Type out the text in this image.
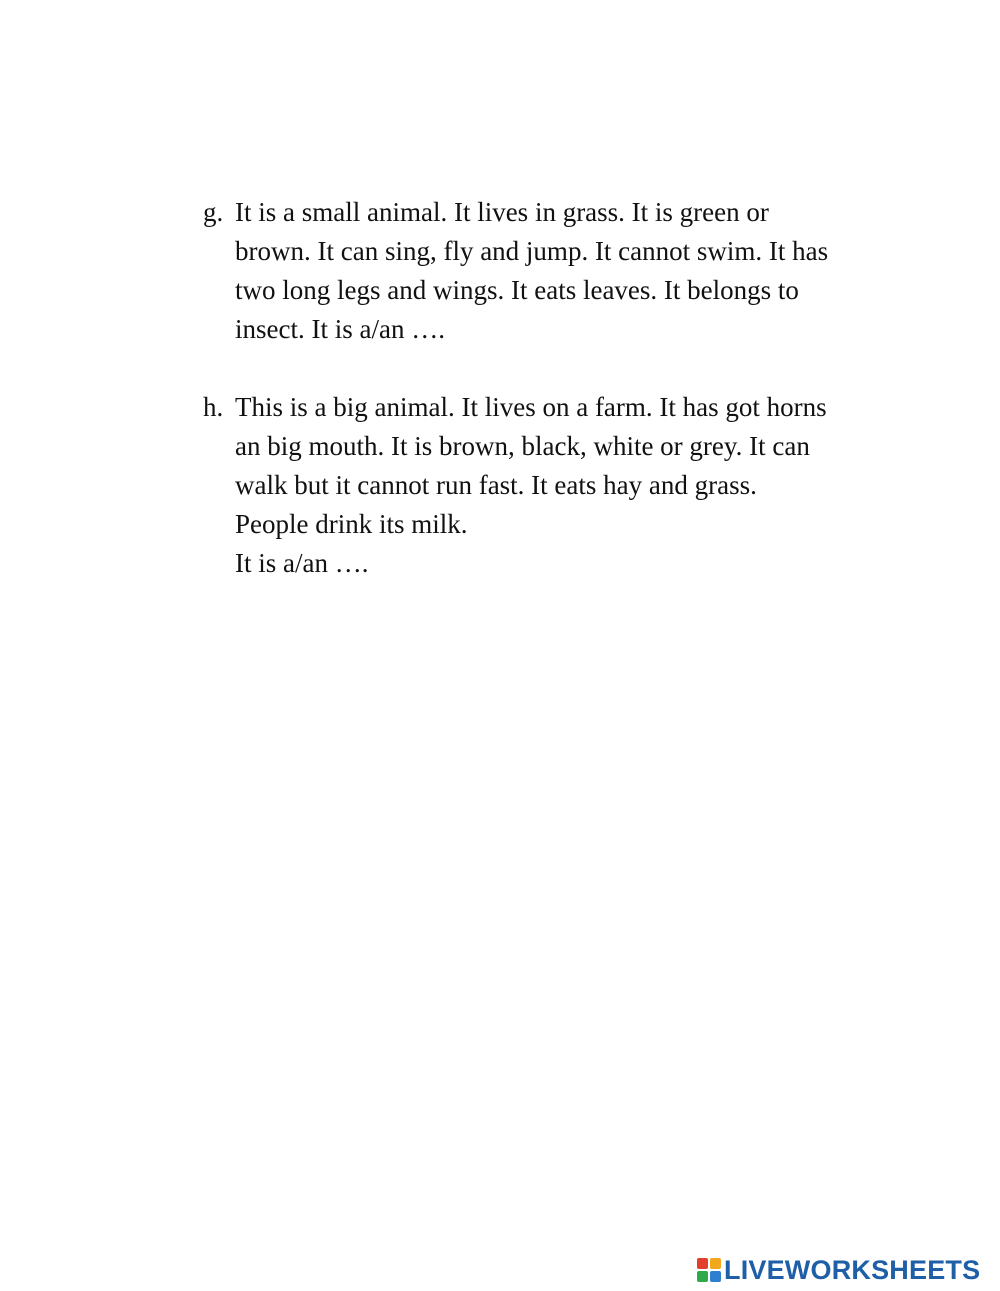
g. It is a small animal. It lives in grass. It is green or
brown. It can sing, fly and jump. It cannot swim. It has
two long legs and wings. It eats leaves. It belongs to
insect. It is a/an ….
h. This is a big animal. It lives on a farm. It has got horns
an big mouth. It is brown, black, white or grey. It can
walk but it cannot run fast. It eats hay and grass.
People drink its milk.
It is a/an ….
LIVEWORKSHEETS
